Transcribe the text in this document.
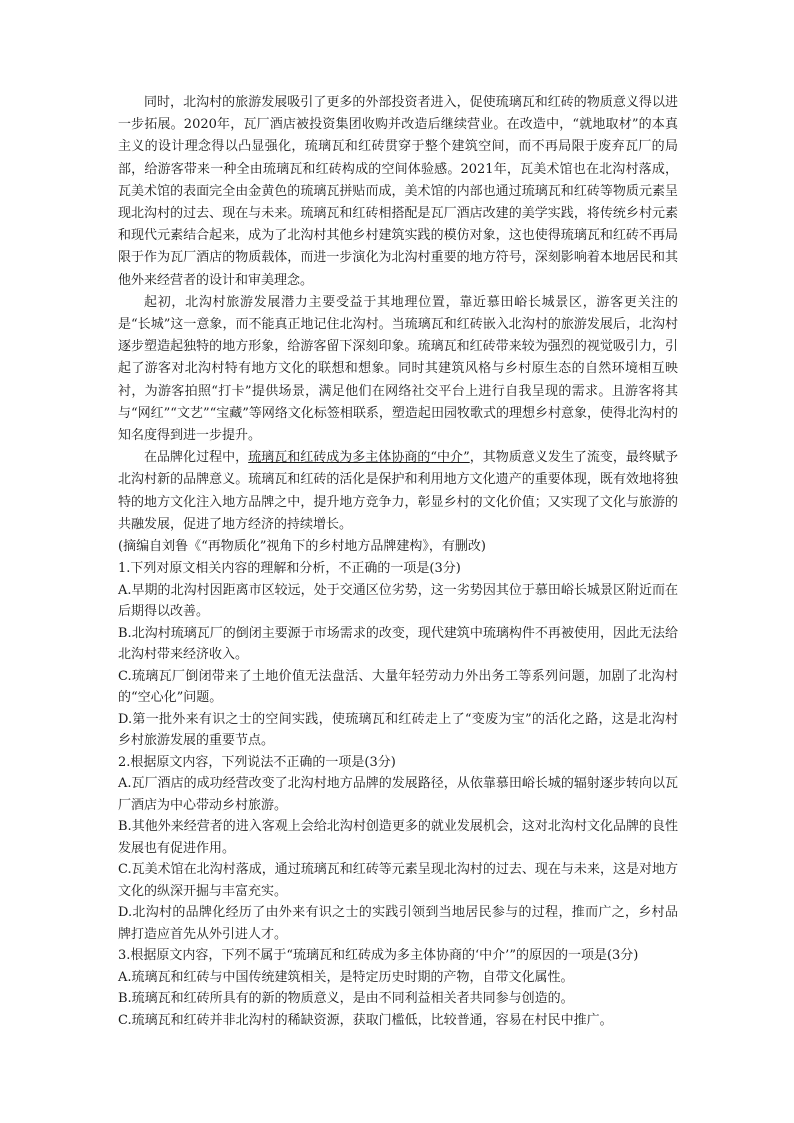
同时，北沟村的旅游发展吸引了更多的外部投资者进入，促使琉璃瓦和红砖的物质意义得以进一步拓展。2020年，瓦厂酒店被投资集团收购并改造后继续营业。在改造中，“就地取材”的本真主义的设计理念得以凸显强化，琉璃瓦和红砖贯穿于整个建筑空间，而不再局限于废弃瓦厂的局部，给游客带来一种全由琉璃瓦和红砖构成的空间体验感。2021年，瓦美术馆也在北沟村落成，瓦美术馆的表面完全由金黄色的琉璃瓦拼贴而成，美术馆的内部也通过琉璃瓦和红砖等物质元素呈现北沟村的过去、现在与未来。琉璃瓦和红砖相搭配是瓦厂酒店改建的美学实践，将传统乡村元素和现代元素结合起来，成为了北沟村其他乡村建筑实践的模仿对象，这也使得琉璃瓦和红砖不再局限于作为瓦厂酒店的物质载体，而进一步演化为北沟村重要的地方符号，深刻影响着本地居民和其他外来经营者的设计和审美理念。

起初，北沟村旅游发展潜力主要受益于其地理位置，靠近慕田峪长城景区，游客更关注的是“长城”这一意象，而不能真正地记住北沟村。当琉璃瓦和红砖嵌入北沟村的旅游发展后，北沟村逐步塑造起独特的地方形象，给游客留下深刻印象。琉璃瓦和红砖带来较为强烈的视觉吸引力，引起了游客对北沟村特有地方文化的联想和想象。同时其建筑风格与乡村原生态的自然环境相互映衬，为游客拍照“打卡”提供场景，满足他们在网络社交平台上进行自我呈现的需求。且游客将其与“网红”“文艺”“宝藏”等网络文化标签相联系，塑造起田园牧歌式的理想乡村意象，使得北沟村的知名度得到进一步提升。

在品牌化过程中，琉璃瓦和红砖成为多主体协商的“中介”，其物质意义发生了流变，最终赋予北沟村新的品牌意义。琉璃瓦和红砖的活化是保护和利用地方文化遗产的重要体现，既有效地将独特的地方文化注入地方品牌之中，提升地方竞争力，彰显乡村的文化价值；又实现了文化与旅游的共融发展，促进了地方经济的持续增长。

(摘编自刘鲁《“再物质化”视角下的乡村地方品牌建构》，有删改)

1.下列对原文相关内容的理解和分析，不正确的一项是(3分)

A.早期的北沟村因距离市区较远，处于交通区位劣势，这一劣势因其位于慕田峪长城景区附近而在后期得以改善。

B.北沟村琉璃瓦厂的倒闭主要源于市场需求的改变，现代建筑中琉璃构件不再被使用，因此无法给北沟村带来经济收入。

C.琉璃瓦厂倒闭带来了土地价值无法盘活、大量年轻劳动力外出务工等系列问题，加剧了北沟村的“空心化”问题。

D.第一批外来有识之士的空间实践，使琉璃瓦和红砖走上了“变废为宝”的活化之路，这是北沟村乡村旅游发展的重要节点。

2.根据原文内容，下列说法不正确的一项是(3分)

A.瓦厂酒店的成功经营改变了北沟村地方品牌的发展路径，从依靠慕田峪长城的辐射逐步转向以瓦厂酒店为中心带动乡村旅游。

B.其他外来经营者的进入客观上会给北沟村创造更多的就业发展机会，这对北沟村文化品牌的良性发展也有促进作用。

C.瓦美术馆在北沟村落成，通过琉璃瓦和红砖等元素呈现北沟村的过去、现在与未来，这是对地方文化的纵深开掘与丰富充实。

D.北沟村的品牌化经历了由外来有识之士的实践引领到当地居民参与的过程，推而广之，乡村品牌打造应首先从外引进人才。

3.根据原文内容，下列不属于“琉璃瓦和红砖成为多主体协商的‘中介’”的原因的一项是(3分)

A.琉璃瓦和红砖与中国传统建筑相关，是特定历史时期的产物，自带文化属性。

B.琉璃瓦和红砖所具有的新的物质意义，是由不同利益相关者共同参与创造的。

C.琉璃瓦和红砖并非北沟村的稀缺资源，获取门槛低，比较普通，容易在村民中推广。
